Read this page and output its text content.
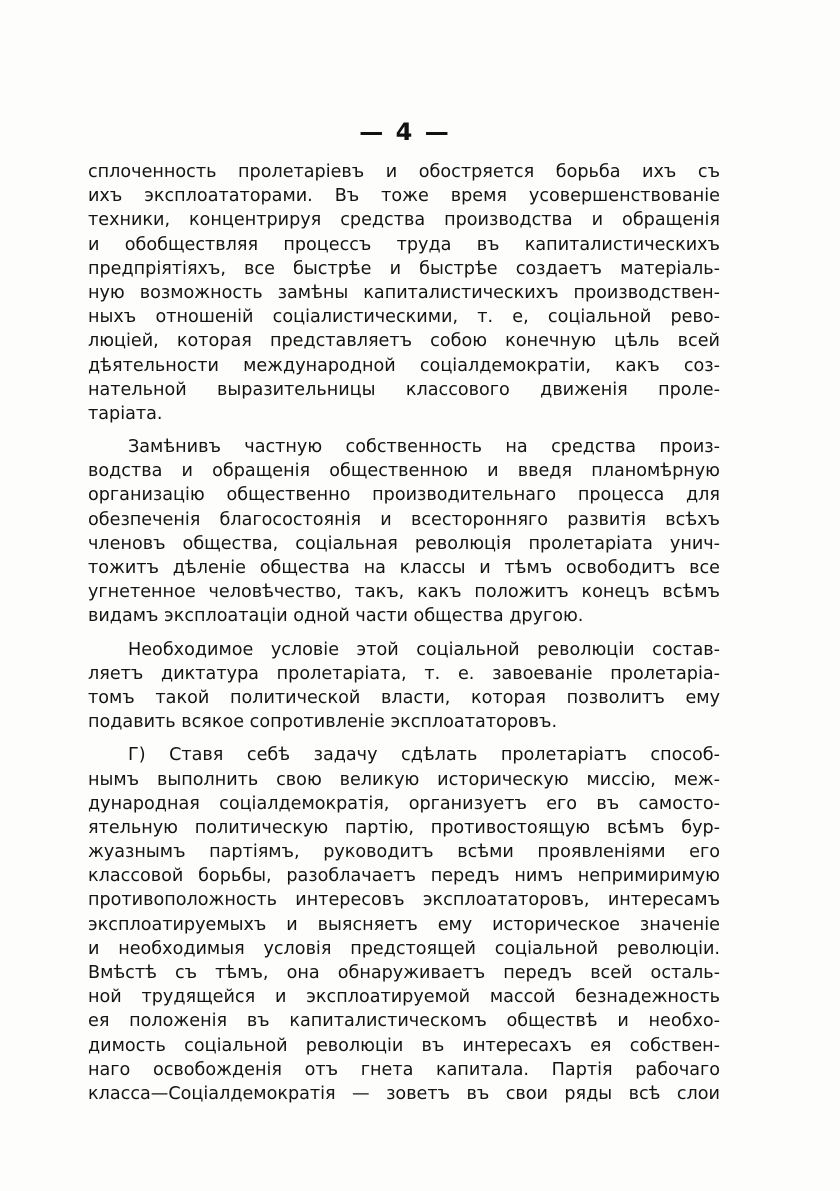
— 4 —
сплоченность пролетаріевъ и обостряется борьба ихъ съ
ихъ эксплоататорами. Въ тоже время усовершенствованіе
техники, концентрируя средства производства и обращенія
и обобществляя процессъ труда въ капиталистическихъ
предпріятіяхъ, все быстрѣе и быстрѣе создаетъ матеріаль-
ную возможность замѣны капиталистическихъ производствен-
ныхъ отношеній соціалистическими, т. е, соціальной рево-
люціей, которая представляетъ собою конечную цѣль всей
дѣятельности международной соціалдемократіи, какъ соз-
нательной выразительницы классового движенія проле-
таріата.
Замѣнивъ частную собственность на средства произ-
водства и обращенія общественною и введя планомѣрную
организацію общественно производительнаго процесса для
обезпеченія благосостоянія и всесторонняго развитія всѣхъ
членовъ общества, соціальная революція пролетаріата унич-
тожитъ дѣленіе общества на классы и тѣмъ освободитъ все
угнетенное человѣчество, такъ, какъ положитъ конецъ всѣмъ
видамъ эксплоатаціи одной части общества другою.
Необходимое условіе этой соціальной революціи состав-
ляетъ диктатура пролетаріата, т. е. завоеваніе пролетаріа-
томъ такой политической власти, которая позволитъ ему
подавить всякое сопротивленіе эксплоататоровъ.
Г) Ставя себѣ задачу сдѣлать пролетаріатъ способ-
нымъ выполнить свою великую историческую миссію, меж-
дународная соціалдемократія, организуетъ его въ самосто-
ятельную политическую партію, противостоящую всѣмъ бур-
жуазнымъ партіямъ, руководитъ всѣми проявленіями его
классовой борьбы, разоблачаетъ передъ нимъ непримиримую
противоположность интересовъ эксплоататоровъ, интересамъ
эксплоатируемыхъ и выясняетъ ему историческое значеніе
и необходимыя условія предстоящей соціальной революціи.
Вмѣстѣ съ тѣмъ, она обнаруживаетъ передъ всей осталь-
ной трудящейся и эксплоатируемой массой безнадежность
ея положенія въ капиталистическомъ обществѣ и необхо-
димость соціальной революціи въ интересахъ ея собствен-
наго освобожденія отъ гнета капитала. Партія рабочаго
класса—Соціалдемократія — зоветъ въ свои ряды всѣ слои
